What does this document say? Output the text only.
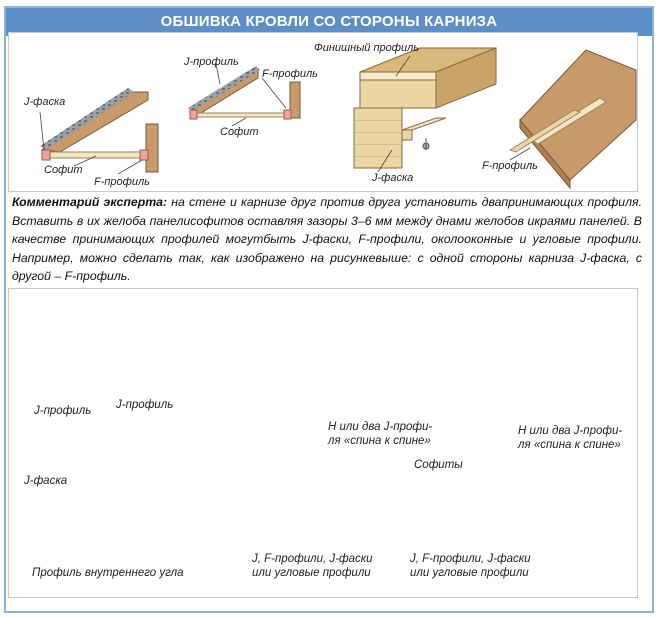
ОБШИВКА КРОВЛИ СО СТОРОНЫ КАРНИЗА
J-фаска
Софит
F-профиль
J-профиль
F-профиль
Софит
Финишный профиль
J-фаска
F-профиль
Комментарий эксперта: на стене и карнизе друг против друга установить двапринимающих профиля. Вставить в их желоба панелисофитов оставляя зазоры 3–6 мм между днами желобов икраями панелей. В качестве принимающих профилей могутбыть J-фаски, F-профили, околооконные и угловые профили. Например, можно сделать так, как изображено на рисункевыше: с одной стороны карниза J-фаска, с другой – F-профиль.
J-профиль J-профиль
J-фаска
Профиль внутреннего угла
Н или два J-профи-
ля «спина к спине»
Н или два J-профи-
ля «спина к спине»
Софиты
J, F-профили, J-фаски
или угловые профили
J, F-профили, J-фаски
или угловые профили
